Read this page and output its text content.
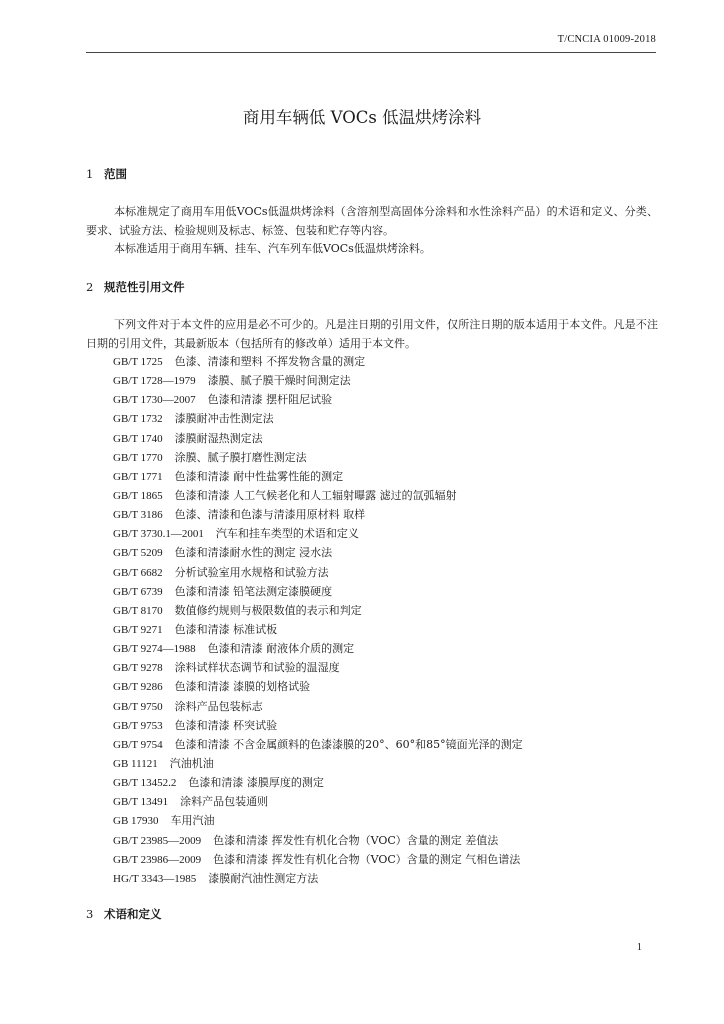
T/CNCIA 01009-2018

商用车辆低 VOCs 低温烘烤涂料
1 范围
本标准规定了商用车用低VOCs低温烘烤涂料（含溶剂型高固体分涂料和水性涂料产品）的术语和定义、分类、要求、试验方法、检验规则及标志、标签、包装和贮存等内容。
本标准适用于商用车辆、挂车、汽车列车低VOCs低温烘烤涂料。
2 规范性引用文件
下列文件对于本文件的应用是必不可少的。凡是注日期的引用文件，仅所注日期的版本适用于本文件。凡是不注日期的引用文件，其最新版本（包括所有的修改单）适用于本文件。
GB/T 1725 色漆、清漆和塑料 不挥发物含量的测定
GB/T 1728—1979 漆膜、腻子膜干燥时间测定法
GB/T 1730—2007 色漆和清漆 摆杆阻尼试验
GB/T 1732 漆膜耐冲击性测定法
GB/T 1740 漆膜耐湿热测定法
GB/T 1770 涂膜、腻子膜打磨性测定法
GB/T 1771 色漆和清漆 耐中性盐雾性能的测定
GB/T 1865 色漆和清漆 人工气候老化和人工辐射曝露 滤过的氙弧辐射
GB/T 3186 色漆、清漆和色漆与清漆用原材料 取样
GB/T 3730.1—2001 汽车和挂车类型的术语和定义
GB/T 5209 色漆和清漆耐水性的测定 浸水法
GB/T 6682 分析试验室用水规格和试验方法
GB/T 6739 色漆和清漆 铅笔法测定漆膜硬度
GB/T 8170 数值修约规则与极限数值的表示和判定
GB/T 9271 色漆和清漆 标准试板
GB/T 9274—1988 色漆和清漆 耐液体介质的测定
GB/T 9278 涂料试样状态调节和试验的温湿度
GB/T 9286 色漆和清漆 漆膜的划格试验
GB/T 9750 涂料产品包装标志
GB/T 9753 色漆和清漆 杯突试验
GB/T 9754 色漆和清漆 不含金属颜料的色漆漆膜的20°、60°和85°镜面光泽的测定
GB 11121 汽油机油
GB/T 13452.2 色漆和清漆 漆膜厚度的测定
GB/T 13491 涂料产品包装通则
GB 17930 车用汽油
GB/T 23985—2009 色漆和清漆 挥发性有机化合物（VOC）含量的测定 差值法
GB/T 23986—2009 色漆和清漆 挥发性有机化合物（VOC）含量的测定 气相色谱法
HG/T 3343—1985 漆膜耐汽油性测定方法
3 术语和定义
1
